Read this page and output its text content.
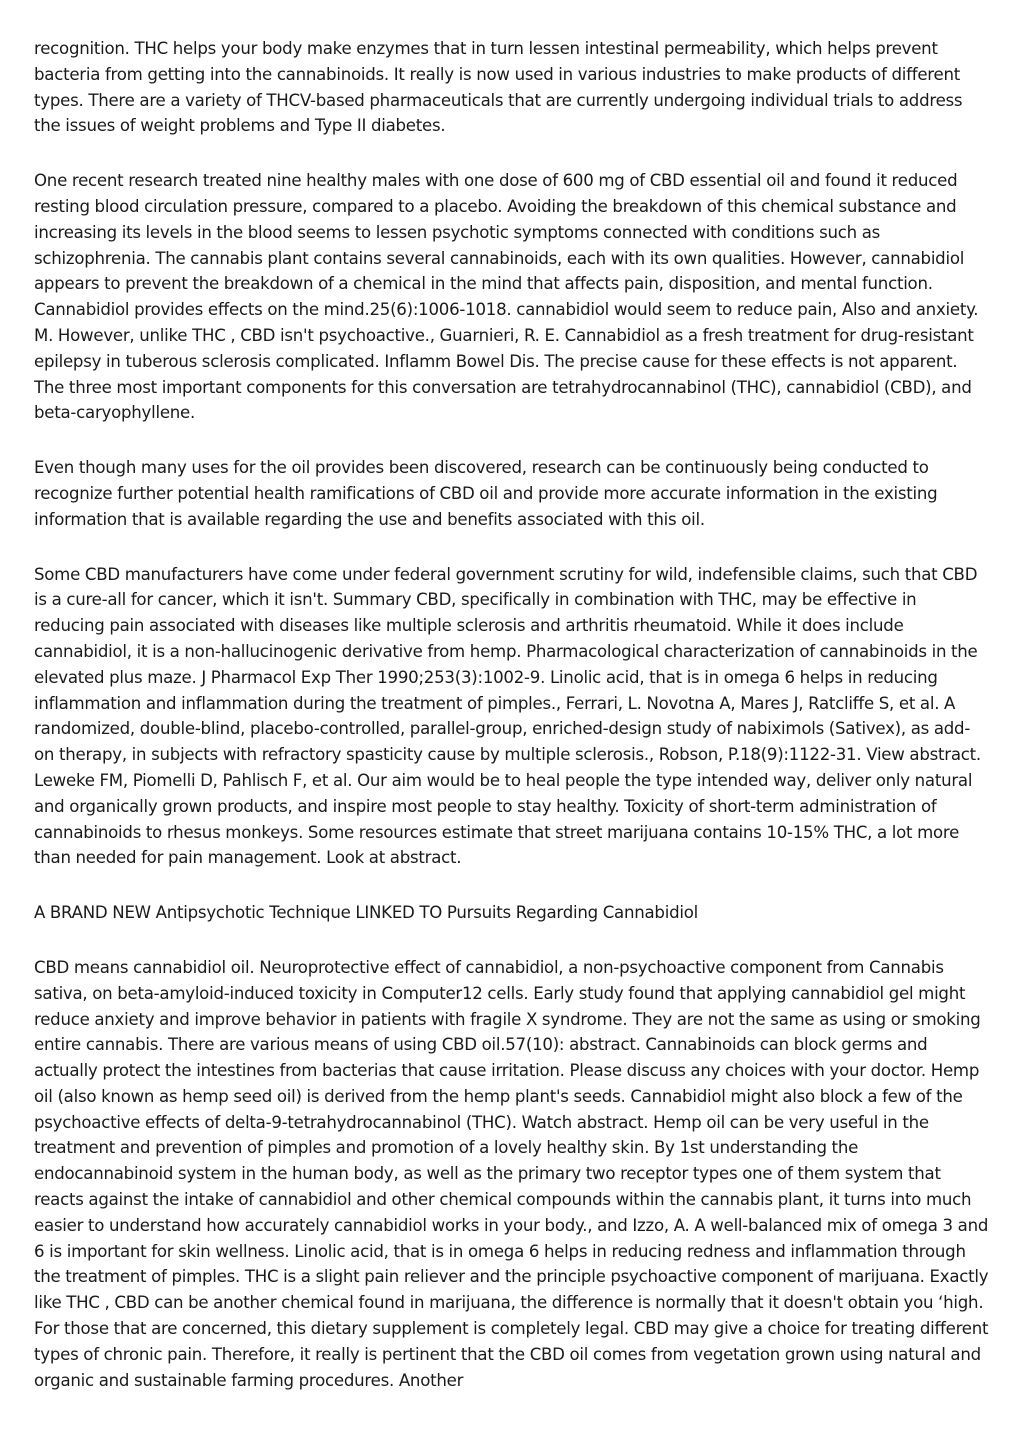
recognition. THC helps your body make enzymes that in turn lessen intestinal permeability, which helps prevent bacteria from getting into the cannabinoids. It really is now used in various industries to make products of different types. There are a variety of THCV-based pharmaceuticals that are currently undergoing individual trials to address the issues of weight problems and Type II diabetes.

One recent research treated nine healthy males with one dose of 600 mg of CBD essential oil and found it reduced resting blood circulation pressure, compared to a placebo. Avoiding the breakdown of this chemical substance and increasing its levels in the blood seems to lessen psychotic symptoms connected with conditions such as schizophrenia. The cannabis plant contains several cannabinoids, each with its own qualities. However, cannabidiol appears to prevent the breakdown of a chemical in the mind that affects pain, disposition, and mental function. Cannabidiol provides effects on the mind.25(6):1006-1018. cannabidiol would seem to reduce pain, Also and anxiety. M. However, unlike THC , CBD isn't psychoactive., Guarnieri, R. E. Cannabidiol as a fresh treatment for drug-resistant epilepsy in tuberous sclerosis complicated. Inflamm Bowel Dis. The precise cause for these effects is not apparent. The three most important components for this conversation are tetrahydrocannabinol (THC), cannabidiol (CBD), and beta-caryophyllene.

Even though many uses for the oil provides been discovered, research can be continuously being conducted to recognize further potential health ramifications of CBD oil and provide more accurate information in the existing information that is available regarding the use and benefits associated with this oil.

Some CBD manufacturers have come under federal government scrutiny for wild, indefensible claims, such that CBD is a cure-all for cancer, which it isn't. Summary CBD, specifically in combination with THC, may be effective in reducing pain associated with diseases like multiple sclerosis and arthritis rheumatoid. While it does include cannabidiol, it is a non-hallucinogenic derivative from hemp. Pharmacological characterization of cannabinoids in the elevated plus maze. J Pharmacol Exp Ther 1990;253(3):1002-9. Linolic acid, that is in omega 6 helps in reducing inflammation and inflammation during the treatment of pimples., Ferrari, L. Novotna A, Mares J, Ratcliffe S, et al. A randomized, double-blind, placebo-controlled, parallel-group, enriched-design study of nabiximols (Sativex), as add-on therapy, in subjects with refractory spasticity cause by multiple sclerosis., Robson, P.18(9):1122-31. View abstract. Leweke FM, Piomelli D, Pahlisch F, et al. Our aim would be to heal people the type intended way, deliver only natural and organically grown products, and inspire most people to stay healthy. Toxicity of short-term administration of cannabinoids to rhesus monkeys. Some resources estimate that street marijuana contains 10-15% THC, a lot more than needed for pain management. Look at abstract.

A BRAND NEW Antipsychotic Technique LINKED TO Pursuits Regarding Cannabidiol

CBD means cannabidiol oil. Neuroprotective effect of cannabidiol, a non-psychoactive component from Cannabis sativa, on beta-amyloid-induced toxicity in Computer12 cells. Early study found that applying cannabidiol gel might reduce anxiety and improve behavior in patients with fragile X syndrome. They are not the same as using or smoking entire cannabis. There are various means of using CBD oil.57(10): abstract. Cannabinoids can block germs and actually protect the intestines from bacterias that cause irritation. Please discuss any choices with your doctor. Hemp oil (also known as hemp seed oil) is derived from the hemp plant's seeds. Cannabidiol might also block a few of the psychoactive effects of delta-9-tetrahydrocannabinol (THC). Watch abstract. Hemp oil can be very useful in the treatment and prevention of pimples and promotion of a lovely healthy skin. By 1st understanding the endocannabinoid system in the human body, as well as the primary two receptor types one of them system that reacts against the intake of cannabidiol and other chemical compounds within the cannabis plant, it turns into much easier to understand how accurately cannabidiol works in your body., and Izzo, A. A well-balanced mix of omega 3 and 6 is important for skin wellness. Linolic acid, that is in omega 6 helps in reducing redness and inflammation through the treatment of pimples. THC is a slight pain reliever and the principle psychoactive component of marijuana. Exactly like THC , CBD can be another chemical found in marijuana, the difference is normally that it doesn't obtain you ‘high. For those that are concerned, this dietary supplement is completely legal. CBD may give a choice for treating different types of chronic pain. Therefore, it really is pertinent that the CBD oil comes from vegetation grown using natural and organic and sustainable farming procedures. Another
